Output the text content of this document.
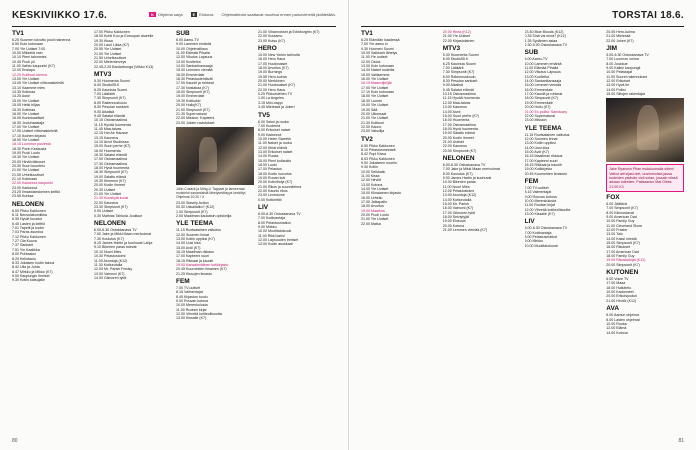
KESKIVIIKKO 17.6.	K Ohjelma sarja	E Elokuva Ohjelmatiedot saattavat muuttua ennen painovirheitä pidätetään.
TV1
6.25 Suomen toivottu puoli nainenna
6.55 Kuin kotonaan
7.00 Yle Uutiset 7:00
10.00 Mikkeliä vain
10.10 Pieni talonmies
10.40 Puoli yö
11.00 Vaihto kaupunki (K7)
12.00 Ensiapu
12.20 Kulttuuri-kierros
13.00 Yle Uutiset
13.05 Yle Uutiset viittomakielellä
13.10 Kaamme mies
13.35 Kotimaa
14.25 Auto!
15.00 Yle Uutiset
15.05 Hetki hiljaa
15.30 Kotimaa
16.00 Yle Uutiset
16.05 Kuninkaalliset
16.30 Jouluhaastaja
17.00 Yle Uutiset
17.05 Uutiset viittomakielellä
17.10 Ikuinen kirjasto
18.00 Yle Uutiset
18.15 Luonnon puolesta
18.30 Porin Keskusta
19.00 Puoli Luoto
19.30 Yle Uutiset
20.00 Hirviöviikkoset
20.30 Suuri kuuntelu
21.00 Yle Uutiset
21.05 Urheiluuutiset
21.10 Kotimaan
22.00 Kadonnut kaupunki
23.00 Kadonnut
23.25 Ilmastokeskeinen keittiö
23.55 Kuntaa
NELONEN
6.00 Pikku Kakkonen
6.11 Neuvolakomiikka
6.35 Hyvät kuvatut
6.45 Lasten ja keittiö
7.01 Tapetit ja kodin
7.03 Paras asuntoa
7.12 Pikku Kakkonen
7.27 Ola Kuuva
7.37 Sankarit
7.51 Yle Kaalikka
8.00 Puhtaaksi
8.20 Kellotaulu
8.33 Jokaisen kodin talous
8.42 Ulla ja Juhla
8.47 Mirkku ja Mikko (K7)
9.00 Kaupungin ihmiset
9.30 Kotiin katsojalle
17.00 Pikku Kakkonen
18.00 Kohti Koo ja Euroopan alueelle
19.30 Kissa
20.00 Lauri Likka (K7)
20.55 Yle Uutiset
21.00 Yle Uutiset
21.50 Urheiluuutiset
22.00 Mielenterveys
22.45-2.25 Bardarbunga (Viikko K13)
MTV3
5.30 Huomenta Suomi
6.00 Studio55.fi
6.25 Kaunista Suomi
7.00 Lääkärit
7.30 Simpsonit (K7)
8.00 Rakennuskoulu
8.30 Pesulan sankarit
9.00 Aikalisä
9.45 Salatut elämät
10.15 Ostosmaailma
11.15 Hyvää huomenta
11.45 Maa-taivas
12.15 Hot Air Hausse
13.15 Kauneus
14.10 Aivot Studiossa
15.00 Suuri perhe (K7)
16.00 Huomenta
16.30 Salatut elämät
17.00 Ostosmaailma
17.30 Ostosmaailma
18.00 Hyvä huomenta
18.30 Simpsonit (K7)
19.00 Salattu elämä
19.30 Kimmeni (K7)
20.00 Kodin ihmeet
20.30 Uutiset
21.00 Yle Uutiset
21.30 Kuuskytä kuusi
22.00 Kauneus
23.30 Simpsonit (K7)
0.00 Uutiset
0.30 Mathias Tahkola Joukkue
NELONEN
6.00-6.30 Ostoskanava TV
7.00 Jake ja Mikki Maan merivoimat
7.30 Koulutus (K7)
8.15 James Hartin ja kuohuvat Lahja
9.10 Bikerien paras tulevat
10.10 Nuori Mies
10.30 Pelastustoimi
11.00 Asuntoja (K12)
11.30 Kotiseutulla
12.00 Mr. Parish Fredsy
13.00 Vaimoni (K7)
14.00 Gilmoren tytöt
SUB
6.00 Aamu-TV
9.00 Lammen emäntä
10.00 Ohjelmatilaus
11.00 Elämää Pihalla
12.00 Vikutus Lapsuus
13.00 Kuvitellut
14.00 Sankarikansaaja
15.00 Lemmen viemää
16.00 Emmerdale
16.30 Pelastustehtävät
17.00 Kauniit ja rohkeat
17.30 Nostakaa (K7)
18.00 Simpsonit (K7)
19.00 Emmerdale
19.30 Kotikokki
20.00 Hullu(K7)
21.00 Simpsonit (K7)
21.30 Supernatural
22.00 Mission: Kapteeni
23.00 Jokien ravistukset
John Cusack ja Ming-Li Tappaat ja lanseeraat muistelot samanlaisiä lähetysetäisyys keskittyi. Ohjelmat 10:20 / 3
23.00 Stavely Action
00.30 Uskallatko? (K12)
1.00 Simpsonit (K7)
2.00 Maailman kaukaisin opiskelija
YLE TEEMA
11.15 Ruotsalainen vaikutus
12.00 Suomen linnat
13.00 Kotiin oppiksi (K7)
14.00 Uusi kisa
15.00 Avdi (K7)
16.15 Maailman rikkaus
17.00 Kapteeni suuri
18.15 Rikkaat ja kauniit
19.00 Kansainvälinen kotikirjasto
20.45 Kuurneiden ilmainen (K7)
21.25 Kissojen ilmasto
FEM
7.00 TV-uutiset
8.15 Valmentajat
8.45 Kirjaston koulu
9.00 Rouvan kotona
10.00 Merenkulusta
11.00 Ruotsin kirjat
12.00 Vihreitä kotiteollisuutta
13.00 Kissalle (K7)
21.00 Vihannokset ja Edinburghin (K7)
22.00 Kuutamo
23.00 Kutsu (K7)
HERO
10.00 New Yorkin tarinoita
16.00 Hero Haus
17.00 Huutonaiset
18.00 Arvoitus (K7)
19.00 Burnings
19.55 Hero-kulma
20.00 Merkkinen
21.00 Huutonaiset (K7)
22.00 Hero Haus
0.25 Pikkumiehen TV
1.00 La Angeles
3.15 Mini-nappi
3.45 Mielessä ja Jokeri
TV5
6.00 Seksi ja ruoka
7.00 Kuolema
8.00 Erikoiset naiset
9.00 Kadonnut
10.00 Helen Sweetin
11.00 Naiset ja ruoka
12.00 Kiriat elämä
13.00 Erikoiset naiset
14.00 Ruoka
15.00 Pieni kotiaukio
16.00 Luoto
17.00 Pelastus
18.00 Kodin luovutus
19.00 Ruoan koti
20.00 Kotiviihdyt (K7)
21.00 Rikos ja suunnitelma
22.00 Kaunis rikos
23.00 Lentokone
0.00 Kotikeittiö
LIV
6.00-6.30 Ostoskanava TV
7.00 Kodinantaja
8.00 Pelastusmatkot
9.00 Mirkku
10.00 Muotitalokuvat
11.00 Rikki kahvi
12.00 Lapsuuden ihmiset
13.00 Kodin asukkaat
80
TORSTAI 18.6.
TV1
6.25 Elämään kaadessä
7.00 Yle aamu tv
9.30 Huomen Suomi
10.00 Salkkarit lähetys
11.00 Yle uutiset
12.00 Ostos
13.00 Kuin kotonaan
14.00 Naiset kodeilla
15.00 Valitsemme
16.00 Yle Uutiset
16.15 Maanviljelijät
17.00 Yle Uutiset
17.10 Kuin kotonaan
18.00 Yle Uutiset
18.30 Luonto
19.00 Yle Uutiset
19.30 Sää
20.00 Ulkomaat
21.00 Yle Uutiset
21.30 Kulttuuri
22.00 Kauno
23.00 Vakoilija
TV2
6.50 Pikku Kakkonen
8.10 Pelastusmestarit
8.42 Pupi Kissa
8.53 Pikku Kakkonen
9.00 Jokaiseen nuoriin
9.30 Kotiin
10.00 Seikkailu
11.00 Kissa
12.00 Hirviöt
13.00 Kotona
14.00 Yle Uutiset
15.00 Kiinalainen kirjasto
16.00 Urheilu
17.00 Jalkapallo
18.00 Arvoitus
19.00 Maailma
20.00 Puoli Luoto
21.00 Yle Uutiset
22.00 Matka
20.00 Hinta (K12)
21.00 Yle Uutiset
22.00 Kirjastolainen
MTV3
5.30 Huomenta Suomi
6.00 Studio55.fi
6.25 Kaunista Suomi
7.00 Lääkärit
7.30 Simpsonit (K7)
8.00 Rakennuskoulu
8.30 Pesulan sankarit
9.00 Aikalisä
9.45 Salatut elämät
10.15 Ostosmaailma
11.15 Hyvää huomenta
12.00 Maa-taivas
13.00 Kauneus
14.00 Aivot
15.00 Suuri perhe (K7)
16.00 Huomenta
17.00 Ostosmaailma
18.00 Hyvä huomenta
19.00 Salattu elämä
20.00 Kodin ihmeet
21.00 Uutiset
22.00 Kauneus
23.00 Simpsonit (K7)
NELONEN
6.00-6.30 Ostoskanava TV
7.00 Jake ja Mikki Maan merivoimat
8.00 Koulutus (K7)
9.00 James Hartin ja kuohuvat
10.00 Bikerien paras
11.00 Nuori Mies
12.00 Pelastustoimi
13.00 Asuntoja (K12)
14.00 Kotiseutulla
15.00 Mr. Parish
16.00 Vaimoni (K7)
17.00 Gilmoren tytöt
18.00 Selviytyjät
19.00 Elokuva
20.00 Kotona
21.00 Lemmen viemää (K7)
23.40 Blue Bloods (K12)
0.35 Sinä vai minä? (K12)
1.35 Sydämen asiaa
2.30-5.00 Ostoskanava TV
SUB
6.00 Aamu-TV
10.00 Lammen emäntä
11.00 Elämää Pihalla
12.00 Vikutus Lapsuus
13.00 Kuvitellut
14.00 Sankarikansaaja
15.00 Lemmen viemää
16.00 Emmerdale
17.00 Kauniit ja rohkeat
18.00 Simpsonit (K7)
19.00 Emmerdale
20.00 Hullu (K7)
21.00 Ex-poliisi: Sanctuary
22.00 Supernatural
23.00 Mission
YLE TEEMA
11.15 Ruotsalainen vaikutus
12.00 Suomen linnat
13.00 Kotiin oppiksi
14.00 Uusi kisa
15.00 Avdi (K7)
16.15 Maailman rikkaus
17.00 Kapteeni suuri
18.15 Rikkaat ja kauniit
19.00 Kotikirjasto
20.45 Kuurneiden ilmainen
FEM
7.00 TV-uutiset
8.15 Valmentajat
9.00 Rouvan kotona
10.00 Merenkulusta
11.00 Ruotsin kirjat
12.00 Vihreitä kotiteollisuutta
13.00 Kissalle (K7)
LIV
6.00-6.30 Ostoskanava TV
7.00 Kodinantaja
8.00 Pelastusmatkot
9.00 Mirkku
10.00 Muotitalokuvat
20.05 Hero-kulma
21.00 Mielessä
22.00 Jokeri (K7)
JIM
5.00-6.30 Ostoskanava TV
7.00 Luonnon voima
8.00 Joukkue
9.00 Kaikki kaupungit
10.00 Pelastajat
11.00 Suuret rakennukset
12.00 Erikoiset
13.00 Hyvä tie
14.00 Poliisi
15.00 Siltojen rakentajat
Jake Ryanmin Pitan esdaluomalla sitten! Vaikut aiti sijasi olet, uusimmoista jassa kodeiden ystävän vieli sotan, jossain niissä aikaan tuleetlee. Pakkaanko Mat Gibbs 21:00 K3
FOX
6.00 Jäätävä
7.00 Simpsonit (K7)
8.00 Kiinnostavat
9.00 American Dad
10.00 Family Guy
11.00 Cleveland Show
12.00 Frasier
13.00 Talo
14.00 Kaksi miestä
15.00 Simpsonit (K7)
16.00 Rikokset
17.00 American Dad
18.00 Family Guy
19.00 Rikostutkijat (K12)
20.00 Simpsonit (K7)
KUTONEN
6.00 Voice TV
17.00 Maaa
18.00 Hulluttelu
19.00 Kadonneet
20.00 Erikoisjoukot
21.00 Hirviöt (K12)
AVA
6.00 Aamun ohjelma
8.00 Lasten ohjelmat
10.00 Ruoka
12.00 Elämä
14.00 Kotona
81
